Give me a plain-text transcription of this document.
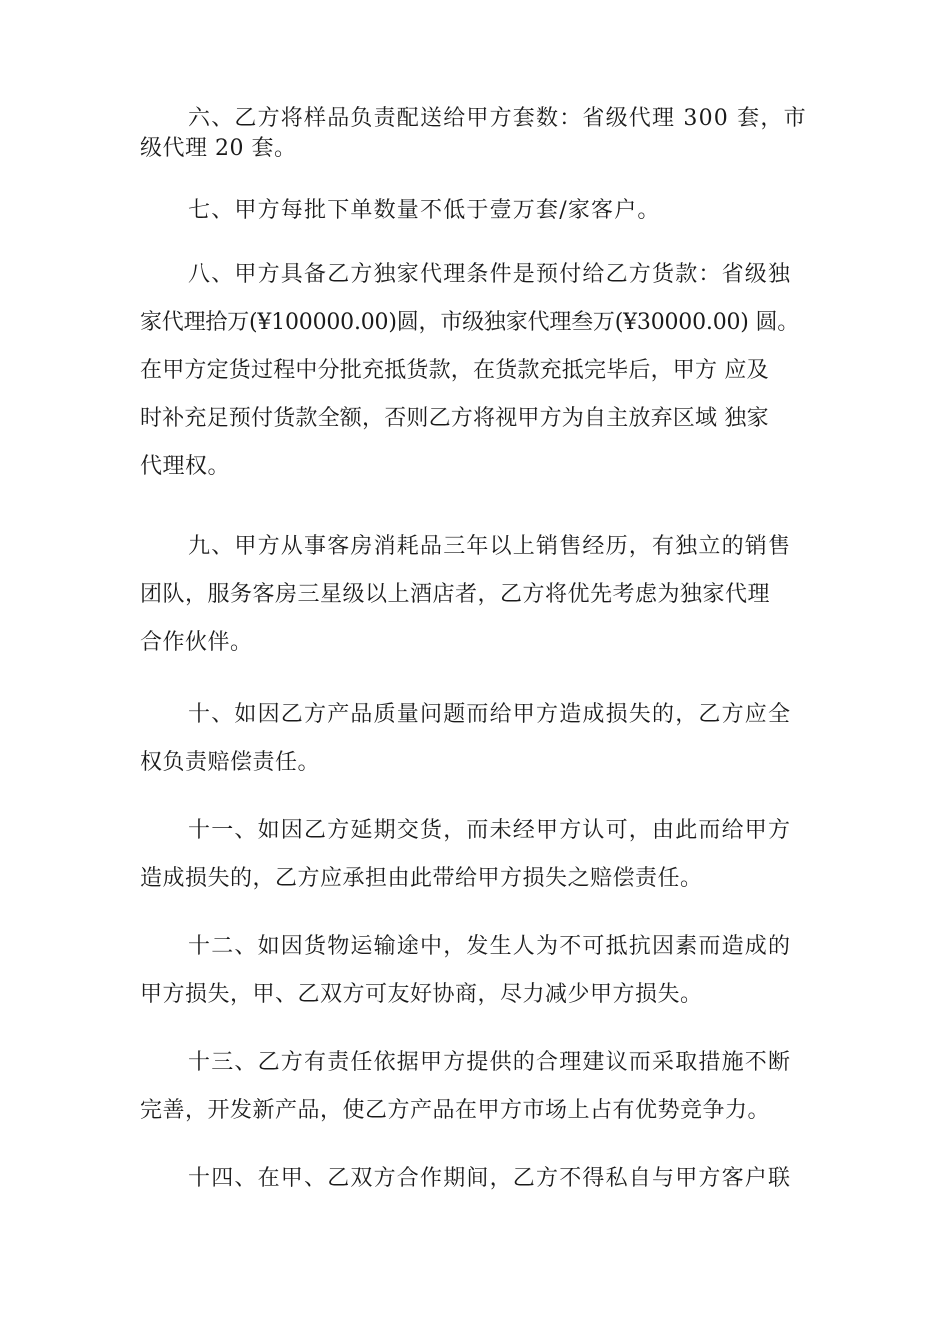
六、乙方将样品负责配送给甲方套数：省级代理 300 套，市
级代理 20 套。
七、甲方每批下单数量不低于壹万套/家客户。
八、甲方具备乙方独家代理条件是预付给乙方货款：省级独
家代理拾万(¥100000.00)圆，市级独家代理叁万(¥30000.00) 圆。
在甲方定货过程中分批充抵货款，在货款充抵完毕后，甲方 应及
时补充足预付货款全额，否则乙方将视甲方为自主放弃区域 独家
代理权。
九、甲方从事客房消耗品三年以上销售经历，有独立的销售
团队，服务客房三星级以上酒店者，乙方将优先考虑为独家代理
合作伙伴。
十、如因乙方产品质量问题而给甲方造成损失的，乙方应全
权负责赔偿责任。
十一、如因乙方延期交货，而未经甲方认可，由此而给甲方
造成损失的，乙方应承担由此带给甲方损失之赔偿责任。
十二、如因货物运输途中，发生人为不可抵抗因素而造成的
甲方损失，甲、乙双方可友好协商，尽力减少甲方损失。
十三、乙方有责任依据甲方提供的合理建议而采取措施不断
完善，开发新产品，使乙方产品在甲方市场上占有优势竞争力。
十四、在甲、乙双方合作期间，乙方不得私自与甲方客户联
